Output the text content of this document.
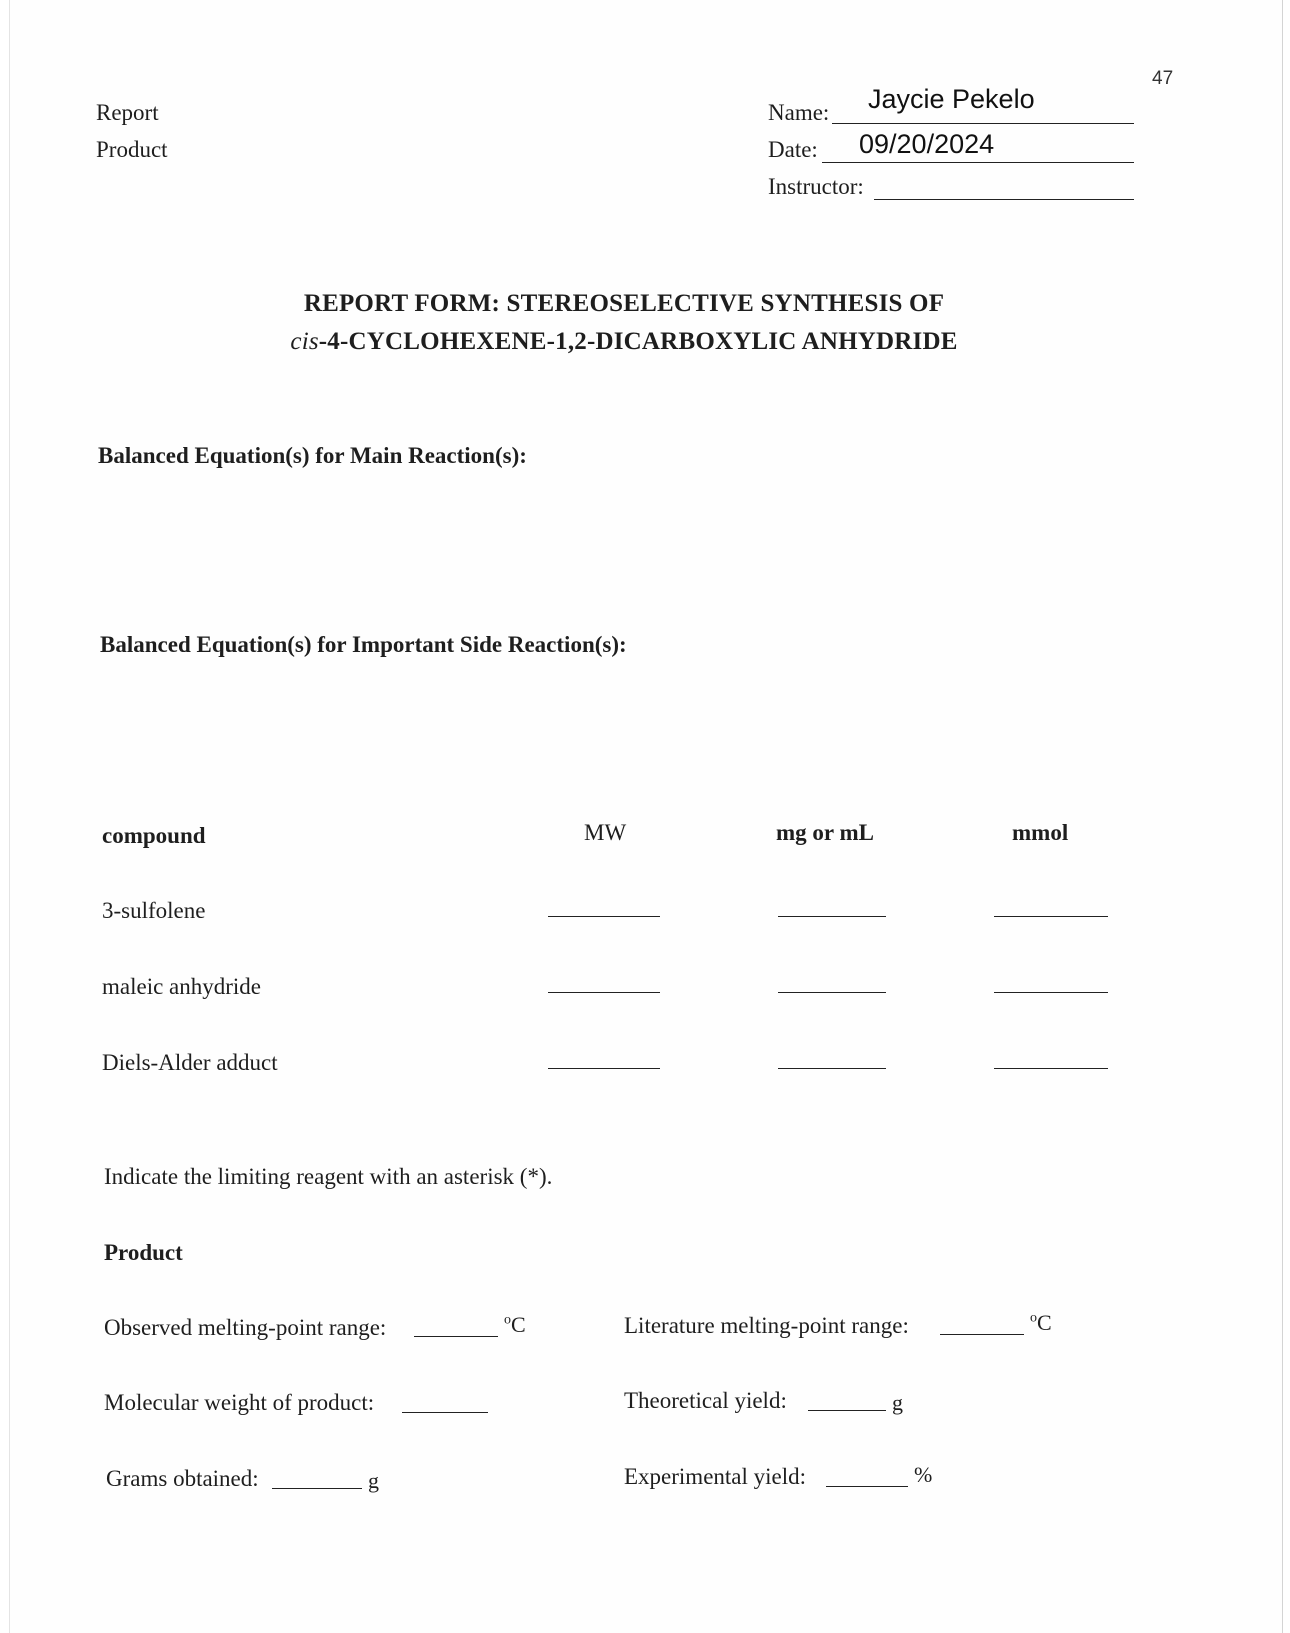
47
Report
Product
Name: Jaycie Pekelo
Date: 09/20/2024
Instructor:
REPORT FORM: STEREOSELECTIVE SYNTHESIS OF
cis-4-CYCLOHEXENE-1,2-DICARBOXYLIC ANHYDRIDE
Balanced Equation(s) for Main Reaction(s):
Balanced Equation(s) for Important Side Reaction(s):
compound	MW	mg or mL	mmol
3-sulfolene
maleic anhydride
Diels-Alder adduct
Indicate the limiting reagent with an asterisk (*).
Product
Observed melting-point range:	$^o$C	Literature melting-point range:	$^o$C
Molecular weight of product:	Theoretical yield:	g
Grams obtained:	g	Experimental yield:	%
